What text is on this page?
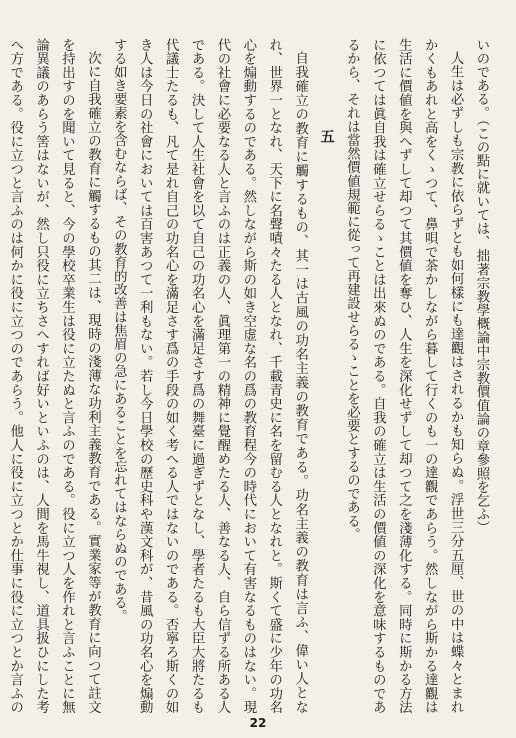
いのである。（この點に就いては、拙著宗教學概論中宗教價值論の章參照を乞ふ）

人生は必ずしも宗教に依らずとも如何樣にも達觀はされるかも知らぬ。浮世三分五厘、世の中は蝶々とまれかくもあれと高をくゝつて、鼻唄で茶かしながら暮して行くのも一の達觀であらう。然しながら斯かる達觀は生活に價値を與へずして却つて其價値を奪ひ、人生を深化せずして却つて之を淺薄化する。同時に斯かる方法に依つては眞自我は確立せらるゝことは出來ぬのである。自我の確立は生活の價値の深化を意味するものであるから、それは當然價値規範に從って再建設せらるゝことを必要とするのである。

五

自我確立の教育に觸するもの、其一は古風の功名主義の教育である。功名主義の教育は言ふ、偉い人となれ、世界一となれ、天下に名聲嘖々たる人となれ、千載青史に名を留むる人となれと。斯くて盛に少年の功名心を煽動するのである。然しながら斯の如き空虚な名の爲の教育程今の時代において有害なるものはない。現代の社會に必要なる人と言ふのは正義の人、眞理第一の精神に覺醒めたる人、善なる人、自ら信ずる所ある人である。決して人生社會を以て自己の功名心を滿足さす爲の舞臺に過ぎずとなし、學者たるも大臣大將たるも代議士たるも、凡て是れ自己の功名心を滿足さす爲の手段の如く考へる人ではないのである。否寧ろ斯くの如き人は今日の社會においては百害あつて一利もない。若し今日學校の歷史科や漢文科が、昔風の功名心を煽動する如き要素を含むならば、その教育的改善は焦眉の急にあることを忘れてはならぬのである。

次に自我確立の教育に觸するもの其二は、現時の淺薄な功利主義教育である。實業家等が教育に向つて註文を持出すのを聞いて見ると、今の學校卒業生は役に立たぬと言ふのである。役に立つ人を作れと言ふことに無論異議のあらう筈はないが、然し只役に立ちさへすれば好いといふのは、人間を馬牛視し、道具扱ひにした考へ方である。役に立つと言ふのは何かに役に立つのであらう。他人に役に立つとか仕事に役に立つとか言ふの

22
